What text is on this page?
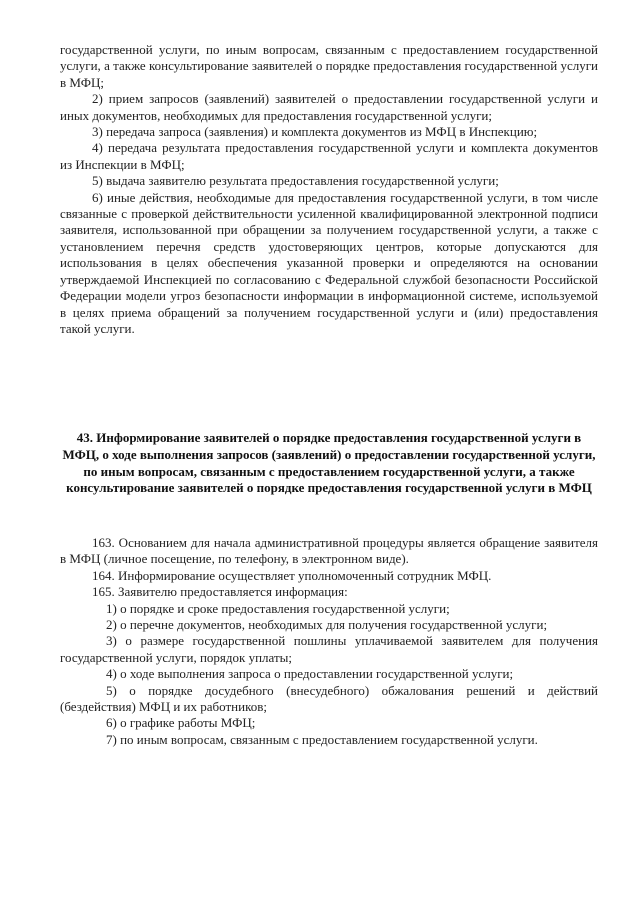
государственной услуги, по иным вопросам, связанным с предоставлением государственной услуги, а также консультирование заявителей о порядке предоставления государственной услуги в МФЦ;

2) прием запросов (заявлений) заявителей о предоставлении государственной услуги и иных документов, необходимых для предоставления государственной услуги;

3) передача запроса (заявления) и комплекта документов из МФЦ в Инспекцию;

4) передача результата предоставления государственной услуги и комплекта документов из Инспекции в МФЦ;

5) выдача заявителю результата предоставления государственной услуги;

6) иные действия, необходимые для предоставления государственной услуги, в том числе связанные с проверкой действительности усиленной квалифицированной электронной подписи заявителя, использованной при обращении за получением государственной услуги, а также с установлением перечня средств удостоверяющих центров, которые допускаются для использования в целях обеспечения указанной проверки и определяются на основании утверждаемой Инспекцией по согласованию с Федеральной службой безопасности Российской Федерации модели угроз безопасности информации в информационной системе, используемой в целях приема обращений за получением государственной услуги и (или) предоставления такой услуги.

43. Информирование заявителей о порядке предоставления государственной услуги в МФЦ, о ходе выполнения запросов (заявлений) о предоставлении государственной услуги, по иным вопросам, связанным с предоставлением государственной услуги, а также консультирование заявителей о порядке предоставления государственной услуги в МФЦ

163. Основанием для начала административной процедуры является обращение заявителя в МФЦ (личное посещение, по телефону, в электронном виде).

164. Информирование осуществляет уполномоченный сотрудник МФЦ.

165. Заявителю предоставляется информация:

1) о порядке и сроке предоставления государственной услуги;

2) о перечне документов, необходимых для получения государственной услуги;

3) о размере государственной пошлины уплачиваемой заявителем для получения государственной услуги, порядок уплаты;

4) о ходе выполнения запроса о предоставлении государственной услуги;

5) о порядке досудебного (внесудебного) обжалования решений и действий (бездействия) МФЦ и их работников;

6) о графике работы МФЦ;

7) по иным вопросам, связанным с предоставлением государственной услуги.
